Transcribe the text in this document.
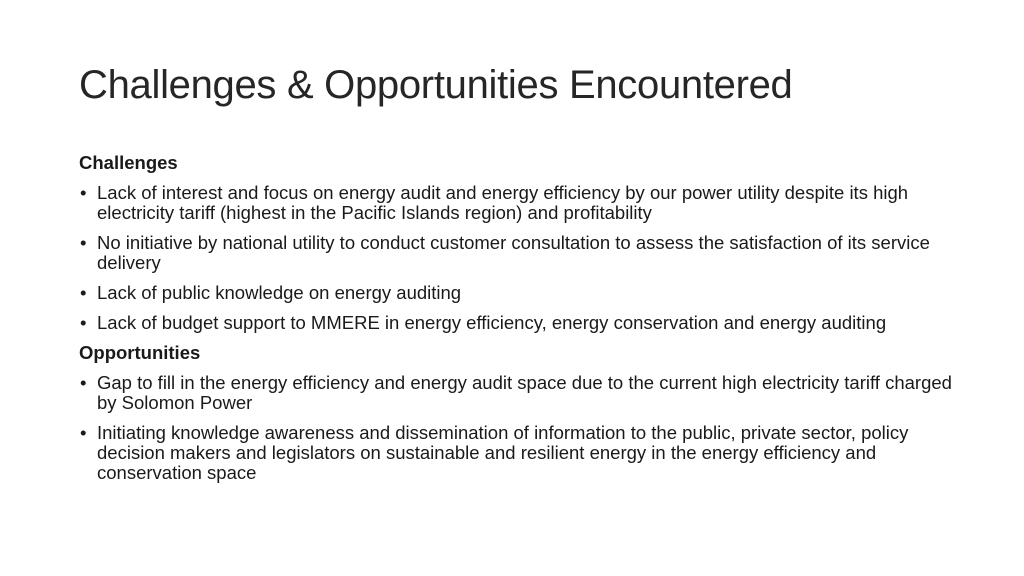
Challenges & Opportunities Encountered
Challenges
• Lack of interest and focus on energy audit and energy efficiency by our power utility despite its high electricity tariff (highest in the Pacific Islands region) and profitability
• No initiative by national utility to conduct customer consultation to assess the satisfaction of its service delivery
• Lack of public knowledge on energy auditing
• Lack of budget support to MMERE in energy efficiency, energy conservation and energy auditing
Opportunities
• Gap to fill in the energy efficiency and energy audit space due to the current high electricity tariff charged by Solomon Power
• Initiating knowledge awareness and dissemination of information to the public, private sector, policy decision makers and legislators on sustainable and resilient energy in the energy efficiency and conservation space
